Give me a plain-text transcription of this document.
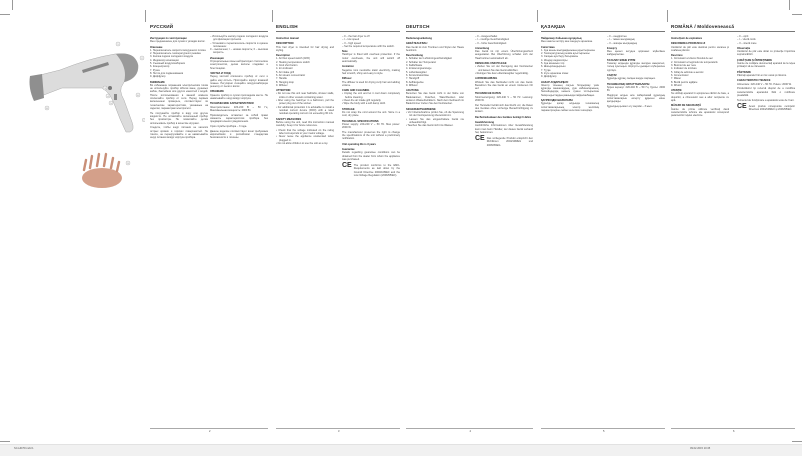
1
2
3
4
5
6
7
8
9
РУССКИЙ
2
Инструкция по эксплуатации
Фен предназначен для сушки и укладки волос.
Описание
1. Переключатель скорости воздушного потока
2. Переключатель температурного режима
3. Кнопка подачи холодного воздуха
4. Индикатор ионизации
5. Съемный воздухозаборник
6. Концентратор
7. Ручка
8. Петля для подвешивания
9. Диффузор
ВНИМАНИЕ
Во избежание поражения электрическим током не используйте прибор вблизи ванн, душевых кабин, бассейнов или других емкостей с водой. После использования в ванной комнате отключайте прибор от сети. Перед первым включением проверьте, соответствуют ли технические характеристики, указанные на изделии, параметрам электросети.
Не погружайте прибор в воду или другие жидкости. Не оставляйте включенный прибор без присмотра. Не позволяйте детям использовать прибор в качестве игрушки.
Следите, чтобы шнур питания не касался острых кромок и горячих поверхностей. Не тяните, не перекручивайте и не наматывайте шнур питания вокруг корпуса прибора.
– Используйте кнопку подачи холодного воздуха для фиксации прически.
– Установите переключатель скорости в нужное положение:
0 – выключено; I – низкая скорость; II – высокая скорость.
Ионизация
Отрицательные ионы нейтрализуют статическое электричество, делая волосы гладкими и блестящими.
ЧИСТКА И УХОД
Перед чисткой отключите прибор от сети и дайте ему остыть. Протирайте корпус влажной тканью. Регулярно очищайте воздухозаборную решетку от пыли и волос.
ХРАНЕНИЕ
Храните прибор в сухом прохладном месте. Не наматывайте шнур вокруг корпуса.
ТЕХНИЧЕСКИЕ ХАРАКТЕРИСТИКИ
Электропитание: 220-240 В ~ 50 Гц. Максимальная мощность: 2000 Вт.
Производитель оставляет за собой право изменять характеристики прибора без предварительного уведомления.
Срок службы прибора – 3 года.
Данное изделие соответствует всем требуемым европейским и российским стандартам безопасности и гигиены.
ENGLISH
3
Instruction manual
DESCRIPTION
This hair dryer is intended for hair drying and styling.
Description
1. Air flow speed switch (0/I/II)
2. Heating temperature switch
3. Cool shot button
4. Ion indicator
5. Air intake grill
6. Air stream concentrator
7. Handle
8. Hanging loop
9. Diffuser
ATTENTION
• Do not use this unit near bathtubs, shower stalls, sinks or other vessels containing water.
• After using the hairdryer in a bathroom, pull the power plug out of the socket.
• For additional protection it is advisable to install a residual current device (RCD) with a rated residual operating current not exceeding 30 mA.
SAFETY MEASURES
Before using the unit, read this instruction manual carefully. Keep it for future reference.
• Check that the voltage indicated on the rating label corresponds to your mains voltage.
• Never leave the appliance unattended when plugged in.
• Do not allow children to use the unit as a toy.
– 0 – the hair dryer is off
– I – low speed
– II – high speed
– Set the required temperature with the switch.
Note
Hairdryer is fitted with overheat protection. If the motor overheats, the unit will switch off automatically.
Ionization
Negative ions neutralize static electricity, making hair smooth, shiny and easy to style.
Diffuser
The diffuser is used for drying curly hair and adding volume.
CARE AND CLEANING
• Unplug the unit and let it cool down completely before cleaning.
• Clean the air intake grill regularly.
• Wipe the body with a soft damp cloth.
STORAGE
Do not wrap the cord around the unit. Store in a cool, dry place.
TECHNICAL SPECIFICATIONS
Power supply: 220-240 V ~ 50 Hz. Max power: 2000 W.
The manufacturer preserves the right to change the specifications of the unit without a preliminary notification.
Unit operating life is 3 years
Guarantee
Details regarding guarantee conditions can be obtained from the dealer from whom the appliance was purchased.
CE The product conforms to the EMC-Requirements as laid down by the Council Directive 2004/108/EC and the Low Voltage Regulation (2006/95/EC).
DEUTSCH
4
Bedienungsanleitung
GERÄTEAUFBAU
Das Gerät ist zum Trocknen und Stylen der Haare bestimmt.
Beschreibung
1. Schalter der Luftstromgeschwindigkeit
2. Schalter der Temperatur
3. Kaltlufttaste
4. Ionisierungsanzeige
5. Lufteinlassgitter
6. Konzentratordüse
7. Handgriff
8. Aufhängeöse
9. Diffusor
ACHTUNG
Benutzen Sie das Gerät nicht in der Nähe von Badewannen, Duschen, Waschbecken oder anderen Wasserbehältern. Nach dem Gebrauch im Badezimmer ziehen Sie den Netzstecker.
SICHERHEITSHINWEISE
• Vor Inbetriebnahme prüfen Sie, ob die Spannung mit der Netzspannung übereinstimmt.
• Lassen Sie das eingeschaltete Gerät nie unbeaufsichtigt.
• Tauchen Sie das Gerät nicht ins Wasser.
– 0 – Ausgeschaltet
– I – niedrige Geschwindigkeit
– II – hohe Geschwindigkeit
Anmerkung
Das Gerät ist mit einem Überhitzungsschutz ausgestattet. Bei Überhitzung schaltet sich der Haartrockner automatisch ab.
REINIGUNG UND PFLEGE
• Ziehen Sie vor der Reinigung den Netzstecker und lassen Sie das Gerät abkühlen.
• Reinigen Sie das Lufteinlassgitter regelmäßig.
AUFBEWAHRUNG
Wickeln Sie das Netzkabel nicht um das Gerät. Bewahren Sie das Gerät an einem trockenen Ort auf.
TECHNISCHE DATEN
Stromversorgung: 220-240 V ~ 50 Hz. Leistung: 2000 W.
Der Hersteller behält sich das Recht vor, die Daten des Gerätes ohne vorherige Benachrichtigung zu ändern.
Die Betriebsdauer des Gerätes beträgt 3 Jahre
Gewährleistung
Ausführliche Informationen über Gewährleistung kann man beim Händler, der dieses Gerät verkauft hat, bekommen.
CE Das vorliegende Produkt entspricht den Richtlinien 2004/108/EG und 2006/95/EG.
ҚАЗАҚША
5
Пайдалану бойынша нұсқаулық
Фен шашты кептіру мен сәндеуге арналған.
Сипаттама
1. Ауа ағыны жылдамдығының ауыстырғышы
2. Температуралық режим ауыстырғышы
3. Салқын ауа беру батырмасы
4. Иондау индикаторы
5. Ауа жинағыш тор
6. Шоғырландырғыш
7. Тұтқа
8. Ілуге арналған ілмек
9. Диффузор
НАЗАР АУДАРЫҢЫЗ!
Электр тоғының соғуын болдырмау үшін құралды ванналардың, душ кабиналарының, бассейндердің немесе сумен толтырылған басқа ыдыстардың жанында пайдаланбаңыз.
ҚАУІПСІЗДІК ШАРАЛАРЫ
Құралды қосар алдында техникалық сипаттамаларының электр желісінің параметрлеріне сәйкес келетінін тексеріңіз.
– 0 – сөндірілген
– I – төмен жылдамдық
– II – жоғары жылдамдық
Ескерту
Фен қызып кетуден қорғаныс жүйесімен жабдықталған.
ТАЗАЛАУ ЖӘНЕ КҮТІМ
Тазалау алдында құралды желіден ажыратып, толық суытыңыз. Корпусты дымқыл шүберекпен сүртіңіз.
САҚТАУ
Құралды құрғақ, салқын жерде сақтаңыз.
ТЕХНИКАЛЫҚ СИПАТТАМАЛАРЫ
Қорек кернеуі: 220-240 В ~ 50 Гц. Қуаты: 2000 Вт.
Өндіруші алдын ала хабарламай құралдың сипаттамаларын өзгерту құқығын өзіне қалдырады.
Құралдың қызмет ету мерзімі – 3 жыл.
ROMÂNĂ / Moldovenească
6
Instrucţiuni de exploatare
DESCRIEREA PRODUSULUI
Uscătorul de păr este destinat pentru uscarea şi coafarea părului.
Descriere
1. Comutator al vitezei fluxului de aer
2. Comutator al regimului de temperatură
3. Butonul de aer rece
4. Indicator de ionizare
5. Grilaj de admisie a aerului
6. Concentrator
7. Mâner
8. Buclă pentru agăţare
9. Difuzor
ATENŢIE
Nu utilizaţi aparatul în apropierea căzilor de baie, a duşurilor, a chiuvetelor sau a altor recipiente cu apă.
MĂSURI DE SIGURANŢĂ
Înainte de prima utilizare verificaţi dacă caracteristicile tehnice ale aparatului corespund parametrilor reţelei electrice.
– 0 – oprit
– I – viteză mică
– II – viteză mare
Observaţie
Uscătorul de păr este dotat cu protecţie împotriva supraîncălzirii.
CURĂŢARE ŞI ÎNTREŢINERE
Înainte de curăţare deconectaţi aparatul de la reţea şi lăsaţi-l să se răcească.
PĂSTRARE
Păstraţi aparatul într-un loc uscat şi răcoros.
CARACTERISTICI TEHNICE
Alimentare: 220-240 V ~ 50 Hz. Putere: 2000 W.
Producătorul îşi rezervă dreptul de a modifica caracteristicile aparatului fără o notificare prealabilă.
Termenul de funcţionare a aparatului este de 3 ani.
CE Acest produs corespunde cerinţelor Directivei 2004/108/EC şi 2006/95/EC.
SC-HD70I.indd 1	09.02.2015 10:45
